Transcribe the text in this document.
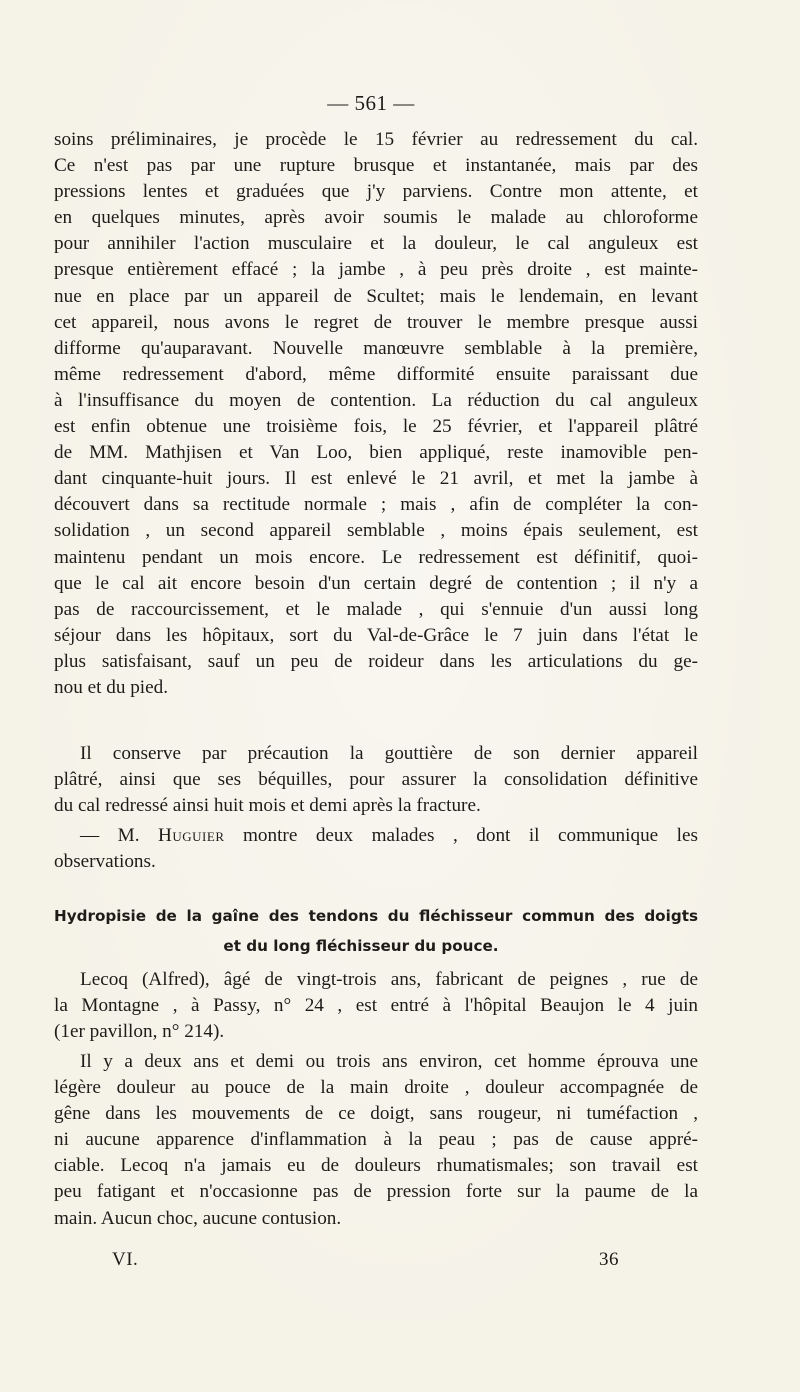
— 561 —
soins préliminaires, je procède le 15 février au redressement du cal.
Ce n'est pas par une rupture brusque et instantanée, mais par des
pressions lentes et graduées que j'y parviens. Contre mon attente, et
en quelques minutes, après avoir soumis le malade au chloroforme
pour annihiler l'action musculaire et la douleur, le cal anguleux est
presque entièrement effacé ; la jambe , à peu près droite , est mainte-
nue en place par un appareil de Scultet; mais le lendemain, en levant
cet appareil, nous avons le regret de trouver le membre presque aussi
difforme qu'auparavant. Nouvelle manœuvre semblable à la première,
même redressement d'abord, même difformité ensuite paraissant due
à l'insuffisance du moyen de contention. La réduction du cal anguleux
est enfin obtenue une troisième fois, le 25 février, et l'appareil plâtré
de MM. Mathjisen et Van Loo, bien appliqué, reste inamovible pen-
dant cinquante-huit jours. Il est enlevé le 21 avril, et met la jambe à
découvert dans sa rectitude normale ; mais , afin de compléter la con-
solidation , un second appareil semblable , moins épais seulement, est
maintenu pendant un mois encore. Le redressement est définitif, quoi-
que le cal ait encore besoin d'un certain degré de contention ; il n'y a
pas de raccourcissement, et le malade , qui s'ennuie d'un aussi long
séjour dans les hôpitaux, sort du Val-de-Grâce le 7 juin dans l'état le
plus satisfaisant, sauf un peu de roideur dans les articulations du ge-
nou et du pied.
Il conserve par précaution la gouttière de son dernier appareil
plâtré, ainsi que ses béquilles, pour assurer la consolidation définitive
du cal redressé ainsi huit mois et demi après la fracture.
— M. Huguier montre deux malades , dont il communique les
observations.
Hydropisie de la gaîne des tendons du fléchisseur commun des doigts
et du long fléchisseur du pouce.
Lecoq (Alfred), âgé de vingt-trois ans, fabricant de peignes , rue de
la Montagne , à Passy, n° 24 , est entré à l'hôpital Beaujon le 4 juin
(1er pavillon, n° 214).
Il y a deux ans et demi ou trois ans environ, cet homme éprouva une
légère douleur au pouce de la main droite , douleur accompagnée de
gêne dans les mouvements de ce doigt, sans rougeur, ni tuméfaction ,
ni aucune apparence d'inflammation à la peau ; pas de cause appré-
ciable. Lecoq n'a jamais eu de douleurs rhumatismales; son travail est
peu fatigant et n'occasionne pas de pression forte sur la paume de la
main. Aucun choc, aucune contusion.
VI.	36
